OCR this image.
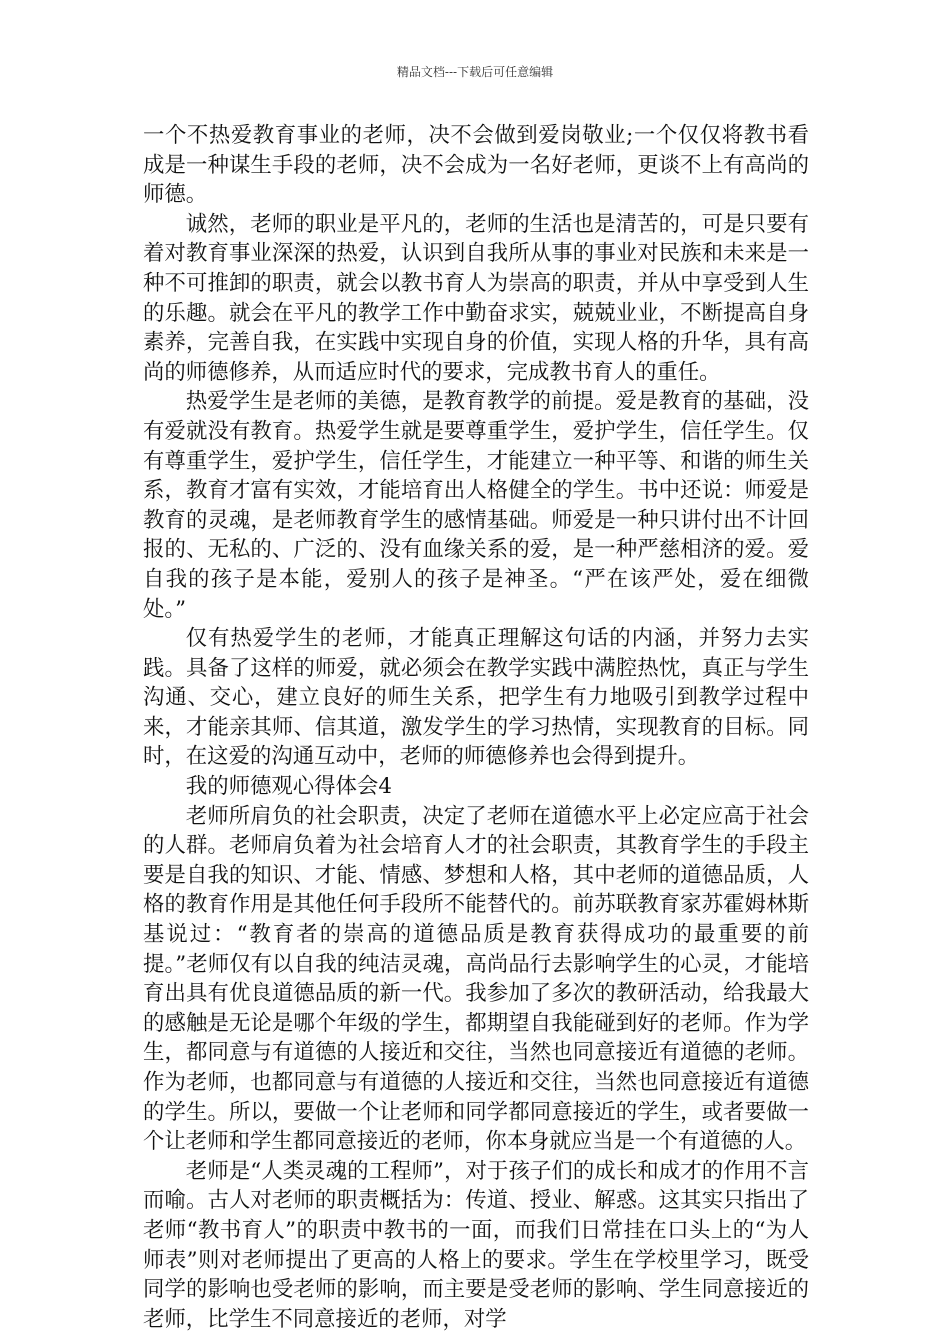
精品文档---下载后可任意编辑

一个不热爱教育事业的老师，决不会做到爱岗敬业;一个仅仅将教书看成是一种谋生手段的老师，决不会成为一名好老师，更谈不上有高尚的师德。

诚然，老师的职业是平凡的，老师的生活也是清苦的，可是只要有着对教育事业深深的热爱，认识到自我所从事的事业对民族和未来是一种不可推卸的职责，就会以教书育人为崇高的职责，并从中享受到人生的乐趣。就会在平凡的教学工作中勤奋求实，兢兢业业，不断提高自身素养，完善自我，在实践中实现自身的价值，实现人格的升华，具有高尚的师德修养，从而适应时代的要求，完成教书育人的重任。

热爱学生是老师的美德，是教育教学的前提。爱是教育的基础，没有爱就没有教育。热爱学生就是要尊重学生，爱护学生，信任学生。仅有尊重学生，爱护学生，信任学生，才能建立一种平等、和谐的师生关系，教育才富有实效，才能培育出人格健全的学生。书中还说：师爱是教育的灵魂，是老师教育学生的感情基础。师爱是一种只讲付出不计回报的、无私的、广泛的、没有血缘关系的爱，是一种严慈相济的爱。爱自我的孩子是本能，爱别人的孩子是神圣。“严在该严处，爱在细微处。”

仅有热爱学生的老师，才能真正理解这句话的内涵，并努力去实践。具备了这样的师爱，就必须会在教学实践中满腔热忱，真正与学生沟通、交心，建立良好的师生关系，把学生有力地吸引到教学过程中来，才能亲其师、信其道，激发学生的学习热情，实现教育的目标。同时，在这爱的沟通互动中，老师的师德修养也会得到提升。

我的师德观心得体会4

老师所肩负的社会职责，决定了老师在道德水平上必定应高于社会的人群。老师肩负着为社会培育人才的社会职责，其教育学生的手段主要是自我的知识、才能、情感、梦想和人格，其中老师的道德品质，人格的教育作用是其他任何手段所不能替代的。前苏联教育家苏霍姆林斯基说过：“教育者的崇高的道德品质是教育获得成功的最重要的前提。”老师仅有以自我的纯洁灵魂，高尚品行去影响学生的心灵，才能培育出具有优良道德品质的新一代。我参加了多次的教研活动，给我最大的感触是无论是哪个年级的学生，都期望自我能碰到好的老师。作为学生，都同意与有道德的人接近和交往，当然也同意接近有道德的老师。作为老师，也都同意与有道德的人接近和交往，当然也同意接近有道德的学生。所以，要做一个让老师和同学都同意接近的学生，或者要做一个让老师和学生都同意接近的老师，你本身就应当是一个有道德的人。

老师是“人类灵魂的工程师”，对于孩子们的成长和成才的作用不言而喻。古人对老师的职责概括为：传道、授业、解惑。这其实只指出了老师“教书育人”的职责中教书的一面，而我们日常挂在口头上的“为人师表”则对老师提出了更高的人格上的要求。学生在学校里学习，既受同学的影响也受老师的影响，而主要是受老师的影响、学生同意接近的老师，比学生不同意接近的老师，对学
